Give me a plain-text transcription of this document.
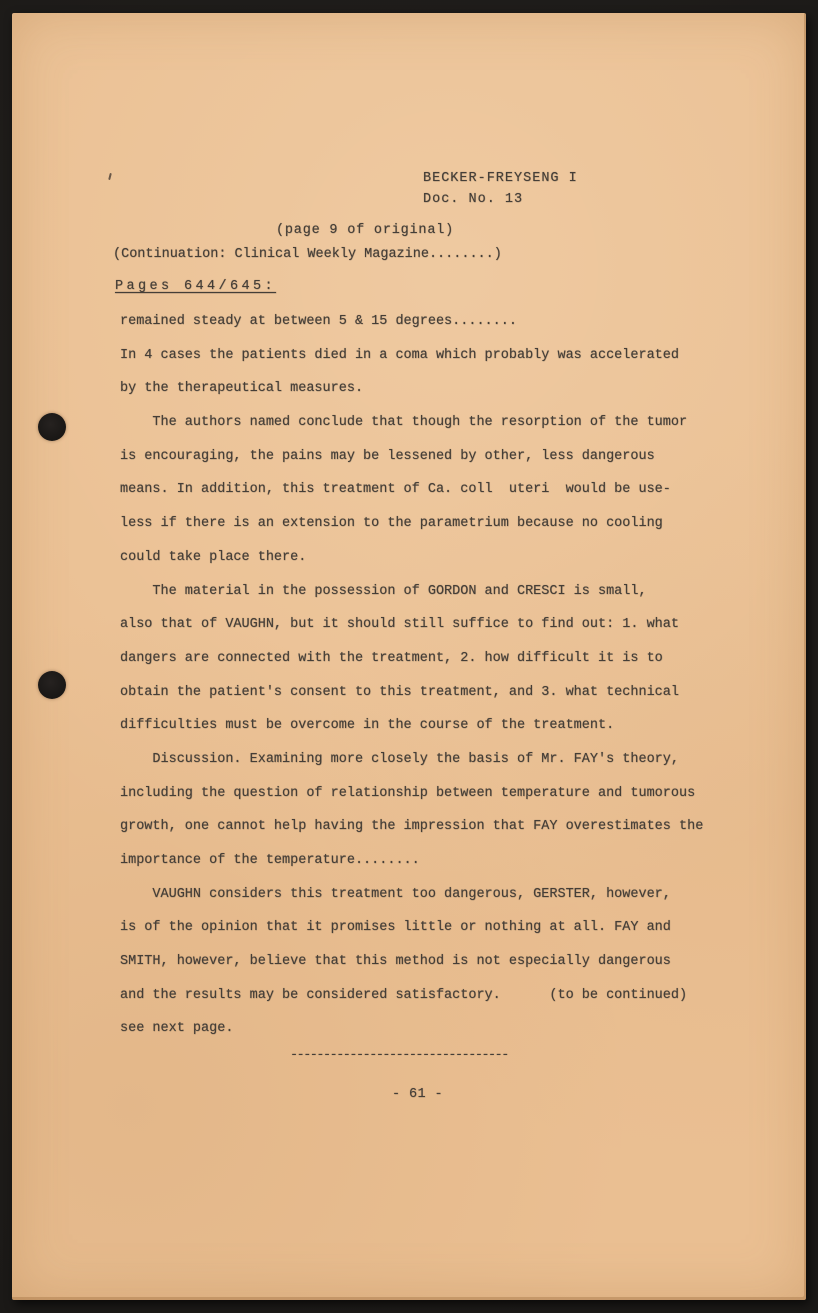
BECKER-FREYSENG I
Doc. No. 13
(page 9 of original)
(Continuation: Clinical Weekly Magazine........)
Pages 644/645:
remained steady at between 5 & 15 degrees........
In 4 cases the patients died in a coma which probably was accelerated
by the therapeutical measures.
The authors named conclude that though the resorption of the tumor
is encouraging, the pains may be lessened by other, less dangerous
means. In addition, this treatment of Ca. coll  uteri  would be use-
less if there is an extension to the parametrium because no cooling
could take place there.
The material in the possession of GORDON and CRESCI is small,
also that of VAUGHN, but it should still suffice to find out: 1. what
dangers are connected with the treatment, 2. how difficult it is to
obtain the patient's consent to this treatment, and 3. what technical
difficulties must be overcome in the course of the treatment.
Discussion. Examining more closely the basis of Mr. FAY's theory,
including the question of relationship between temperature and tumorous
growth, one cannot help having the impression that FAY overestimates the
importance of the temperature........
VAUGHN considers this treatment too dangerous, GERSTER, however,
is of the opinion that it promises little or nothing at all. FAY and
SMITH, however, believe that this method is not especially dangerous
and the results may be considered satisfactory.      (to be continued)
see next page.
---------------------------------
- 61 -
